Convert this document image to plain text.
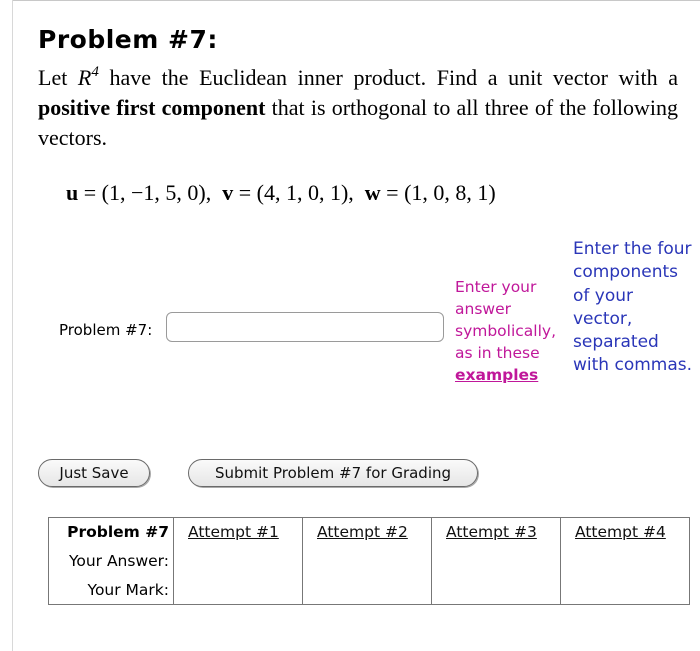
Problem #7:
Let $R^4$ have the Euclidean inner product. Find a unit vector with a positive first component that is orthogonal to all three of the following vectors.
u = (1, −1, 5, 0),  v = (4, 1, 0, 1),  w = (1, 0, 8, 1)
Problem #7:
Enter your
answer
symbolically,
as in these
examples
Enter the four components of your vector, separated with commas.
Just Save	Submit Problem #7 for Grading
Problem #7	Attempt #1	Attempt #2	Attempt #3	Attempt #4
Your Answer:				
Your Mark:				
